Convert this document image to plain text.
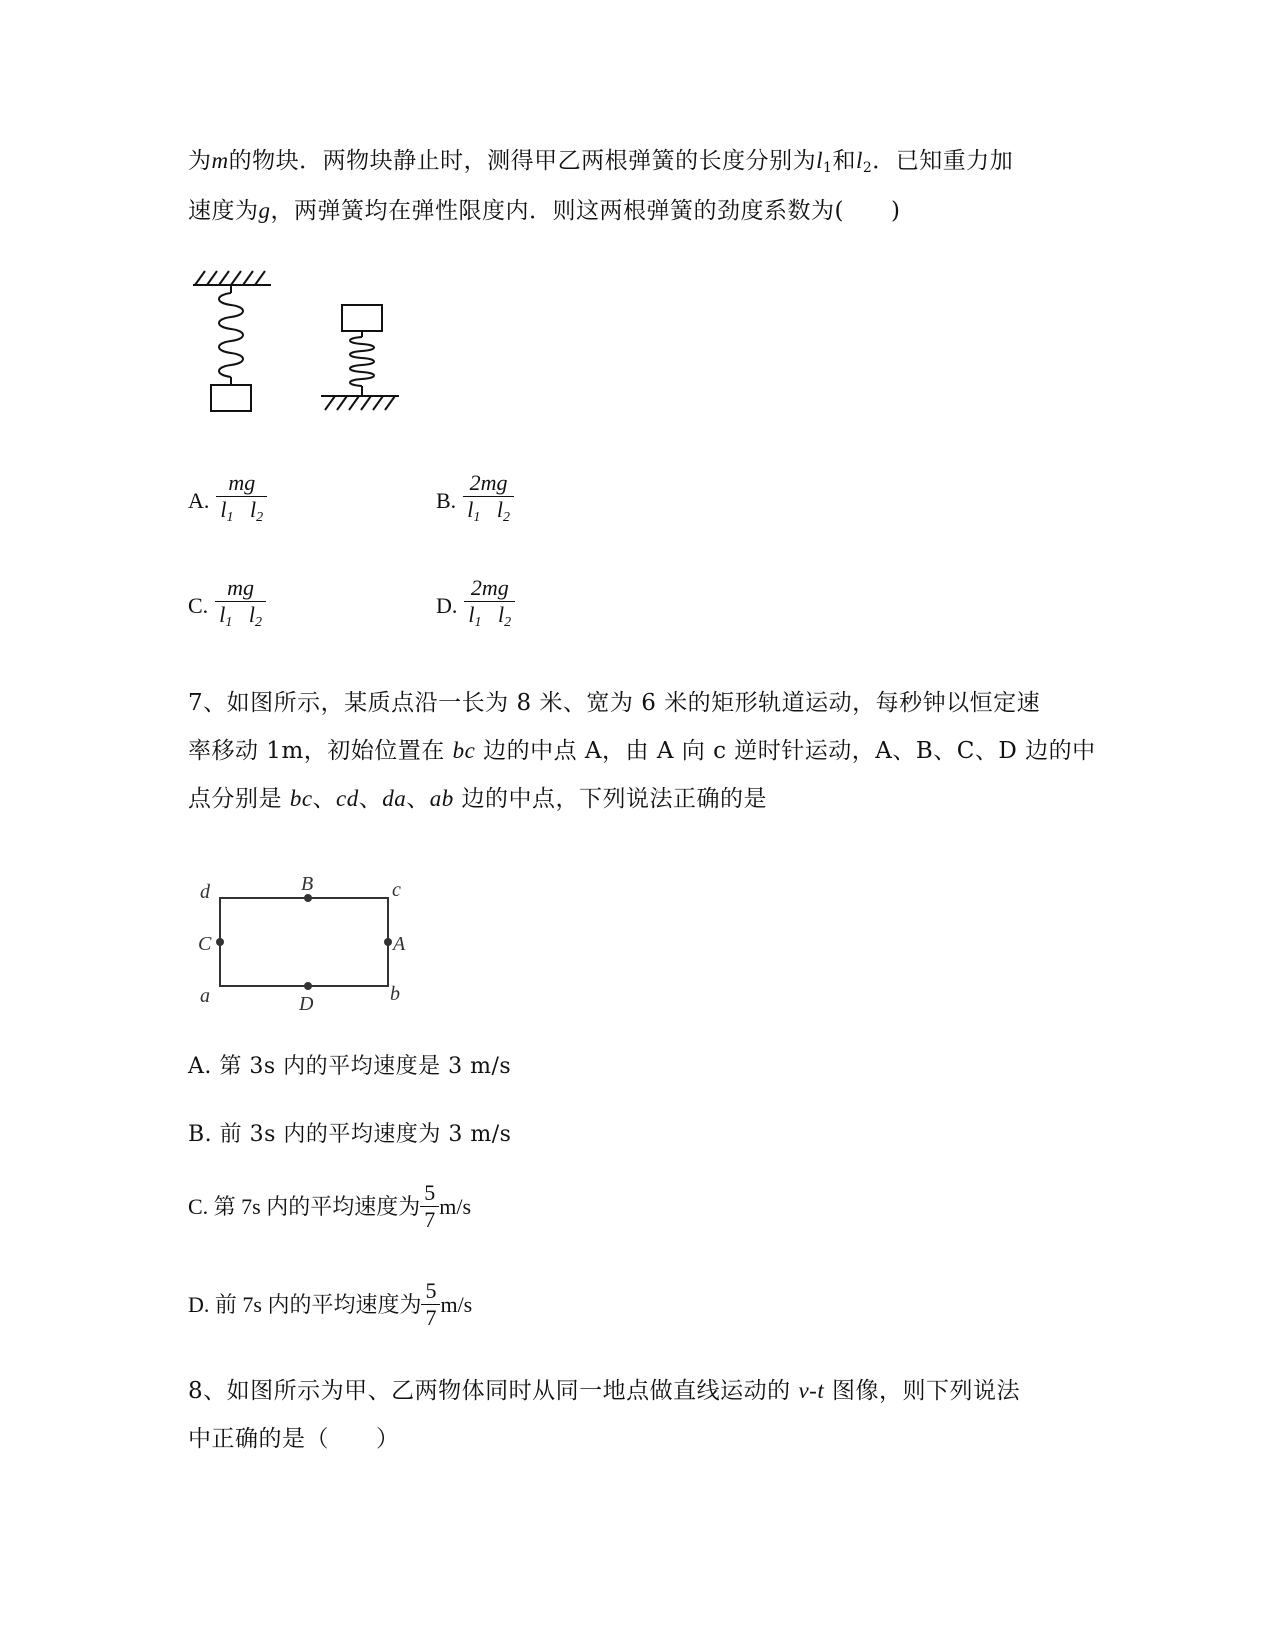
为m的物块．两物块静止时，测得甲乙两根弹簧的长度分别为$l_1$和$l_2$．已知重力加
速度为g，两弹簧均在弹性限度内．则这两根弹簧的劲度系数为(　　)
A. $\frac{mg}{l_1 l_2}$	B. $\frac{2mg}{l_1 l_2}$
C. $\frac{mg}{l_1 l_2}$	D. $\frac{2mg}{l_1 l_2}$
7、如图所示，某质点沿一长为 8 米、宽为 6 米的矩形轨道运动，每秒钟以恒定速
率移动 1m，初始位置在 bc 边的中点 A，由 A 向 c 逆时针运动，A、B、C、D 边的中
点分别是 bc、cd、da、ab 边的中点，下列说法正确的是
d	c
a	b
B
A
C
D
A. 第 3s 内的平均速度是 3 m/s
B. 前 3s 内的平均速度为 3 m/s
C. 第 7s 内的平均速度为 $\frac{5}{7} m/s$
D. 前 7s 内的平均速度为 $\frac{5}{7} m/s$
8、如图所示为甲、乙两物体同时从同一地点做直线运动的 v-t 图像，则下列说法
中正确的是（　　）
